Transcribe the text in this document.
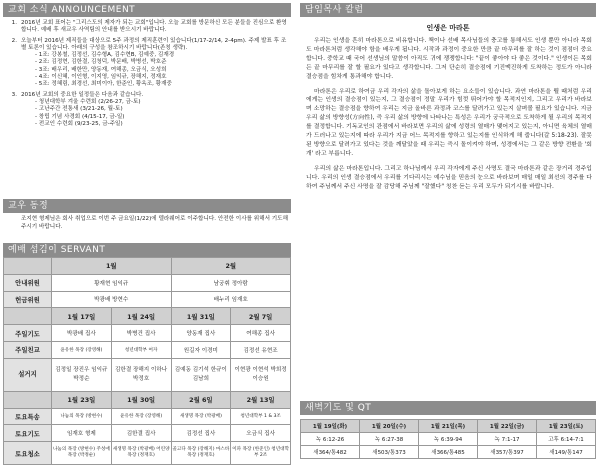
교회 소식 ANNOUNCEMENT
1. 2016년 교회 표어는 "그리스도의 제자가 되는 교회"입니다. 오늘 교회를 방문하신 모든 분들을 진심으로 환영합니다. 예배 후 새교우 사역팀의 안내를 받으시기 바랍니다.
2. 오늘부터 2016년 제직들을 대상으로 5주 과정의 제직훈련이 있습니다(1/17-2/14, 2-4pm). 주제 발표 후 조별 토론이 있습니다. 아래의 구성을 참조하시기 바랍니다(존칭 생략).
- 1조: 강봉철, 김정선, 김수형A, 김수현B, 김예중, 김재경
- 2조: 김정현, 김한결, 김청덕, 박문배, 박병선, 박호준
- 3조: 배우리, 배한만, 양동재, 여해종, 오금식, 오성희
- 4조: 이신혜, 이인형, 이지영, 임익규, 장해지, 정재호
- 5조: 정혜림, 최경선, 최미이아, 한준인, 황옥조, 황재중
3. 2016년 교회의 중요한 일정들은 다음과 같습니다.
- 청년대학부 겨울 수련회 (2/26-27, 금-토)
- 고난주간 전통새 (3/21-26, 월-토)
- 창립 기념 사경회 (4/15-17, 금-일)
- 전교인 수련회 (9/23-25, 금-주일)
교우 동정
조지현 형제님은 회사 취업으로 이번 주 금요일(1/22)에 델라웨어로 이주합니다. 안전한 이사를 위해서 기도해주시기 바랍니다.
예배 섬김이 SERVANT
	1월		2월	
안내위원	황재현 임익규		남궁휘 정아람	
헌금위원	박광배 방현수		배누리 임재호	
	1월 17일	1월 24일	1월 31일	2월 7일
주일기도	박광배 집사	박병건 집사	양동재 집사	여해종 집사
주일친교	윤유한 목장 (장영해)	청년대학부 여자	원길자 이경미	김정선 유현조
설거지	김정일 장진우 임익규 박정순	김한결 장해지 이하나 박정호	김예동 김기석 한규이 김남희	이현광 이현석 박희정 이승원
	1월 23일	1월 30일	2월 6일	2월 13일
토요특송	나눔의 목장 (방현수)	윤유한 목장 (장영해)	새생명 목장 (박광배)	청년대학부 1 & 3조
토요기도	임재호 형제	김한결 집사	김정선 집사	오금식 집사
토요청소	나눔의 목장 (방현수) 주성애 목장 (박정순)	새생명 목장 (박광배) 어린양 목장 (정재호)	골고다 목장 (장해지) 마스바 목장 (정재호)	이파 목장 (한준인) 청년대학부 2조
담임목사 칼럼
인생은 마라톤

우리는 인생을 흔히 마라톤으로 비유합니다. 책이나 선배 목사님들의 충고를 통해서도 인생 뿐만 아니라 목회도 마라톤처럼 생각해야 함을 배우게 됩니다. 시작과 과정이 중요한 만큼 끝 마무리를 잘 하는 것이 점점더 중요합니다. 중학교 때 국어 선생님의 말씀이 아직도 귀에 쟁쟁합니다: "끝이 좋아야 다 좋은 것이다." 인생이든 목회든 끝 마무리를 잘 할 필요가 있다고 생각합니다. 그저 단순히 결승점에 기진맥진하게 도착하는 정도가 아니라 결승점을 힘차게 통과해야 합니다.

마라톤은 우리로 하여금 우리 각자의 삶을 돌아보게 하는 요소들이 있습니다. 과연 마라톤을 뛸 때처럼 우리에게는 인생의 결승점이 있는지, 그 결승점이 정말 우리가 힘껏 뛰어가야 할 목적지인지, 그리고 우리가 바라보며 소망하는 결승점을 향하여 우리는 지금 올바른 과정과 코스를 달려가고 있는지 살펴볼 필요가 있습니다. 지금 우리 삶의 방향성(方向性), 즉 우리 삶의 방향에 나타나는 특성은 우리가 궁극적으로 도착하게 될 우리의 목적지를 결정합니다. 기독교인의 관점에서 바라보면 우리의 삶에 성령의 열매가 맺어지고 있는지, 아니면 육체의 열매가 드러나고 있는지에 따라 우리가 지금 어느 목적지를 향하고 있는지를 인식하게 해 줍니다(갈 5:18-23). 잘못된 방향으로 달려가고 있다는 것을 깨달았을 때 우리는 즉시 돌이켜야 하며, 성경에서는 그 같은 방향 전환을 '회개' 라고 부릅니다.

우리의 삶은 마라톤입니다. 그리고 하나님께서 우리 각자에게 주신 사명도 결국 마라톤과 같은 장거리 경주입니다. 우리의 인생 결승점에서 우리를 기다리시는 예수님을 믿음의 눈으로 바라보며 매일 매일 최선의 경주를 다하여 주님께서 주신 사명을 잘 감당해 주님께 "잘했다" 칭찬 듣는 우리 모두가 되기시를 바랍니다.

새벽기도 및 QT
1월 19일(화)	1월 20일(수)	1월 21일(목)	1월 22일(금)	1월 23일(토)
녹 6:12-26	녹 6:27-38	녹 6:39-94	녹 7:1-17	고후 6:14-7:1
새364/통482	새503/통373	새366/통485	새357/통397	새149/통147
